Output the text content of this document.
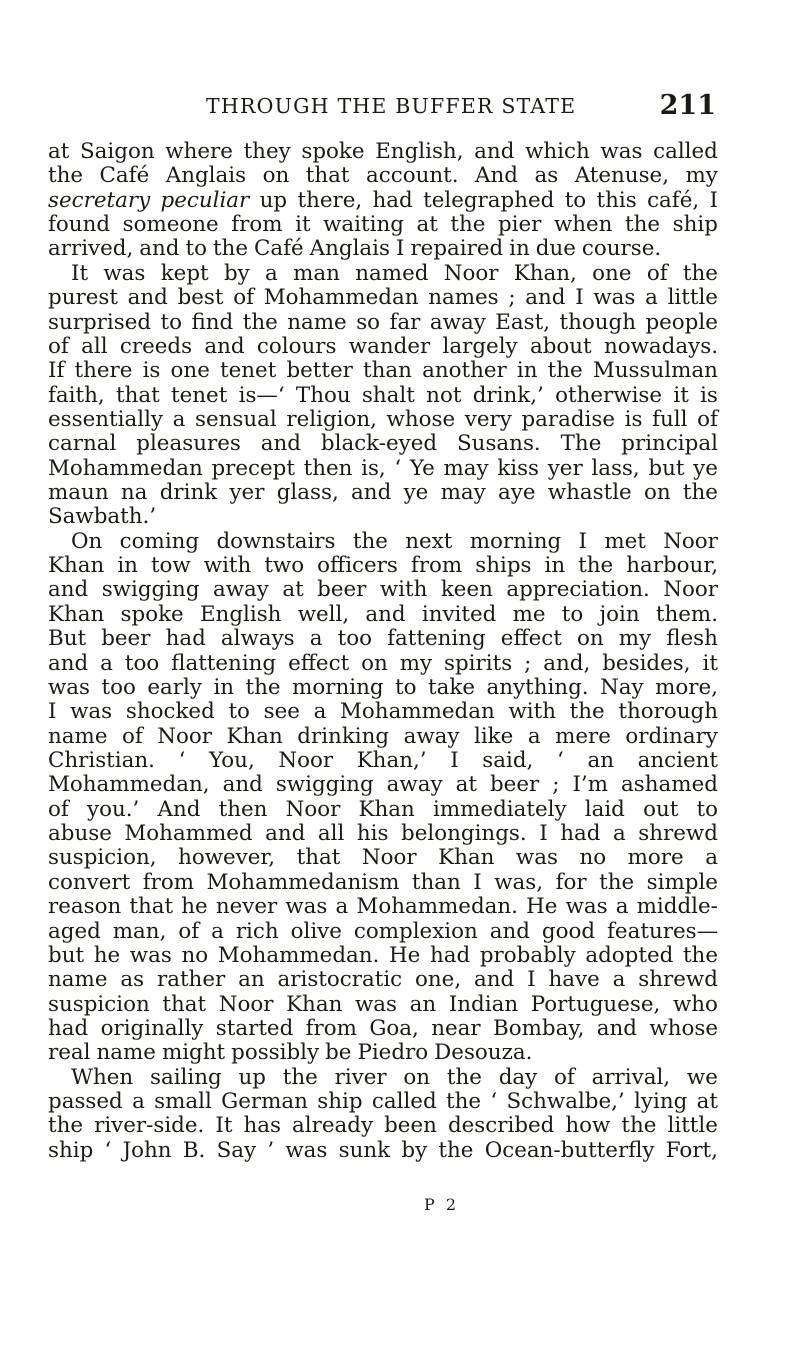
THROUGH THE BUFFER STATE	211
at Saigon where they spoke English, and which was called
the Café Anglais on that account. And as Atenuse, my
secretary peculiar up there, had telegraphed to this café, I
found someone from it waiting at the pier when the ship
arrived, and to the Café Anglais I repaired in due course.
It was kept by a man named Noor Khan, one of the
purest and best of Mohammedan names ; and I was a little
surprised to find the name so far away East, though people
of all creeds and colours wander largely about nowadays.
If there is one tenet better than another in the Mussulman
faith, that tenet is—‘ Thou shalt not drink,’ otherwise it is
essentially a sensual religion, whose very paradise is full of
carnal pleasures and black-eyed Susans. The principal
Mohammedan precept then is, ‘ Ye may kiss yer lass, but ye
maun na drink yer glass, and ye may aye whastle on the
Sawbath.’
On coming downstairs the next morning I met Noor
Khan in tow with two officers from ships in the harbour,
and swigging away at beer with keen appreciation. Noor
Khan spoke English well, and invited me to join them.
But beer had always a too fattening effect on my flesh
and a too flattening effect on my spirits ; and, besides, it
was too early in the morning to take anything. Nay more,
I was shocked to see a Mohammedan with the thorough
name of Noor Khan drinking away like a mere ordinary
Christian. ‘ You, Noor Khan,’ I said, ‘ an ancient
Mohammedan, and swigging away at beer ; I’m ashamed
of you.’ And then Noor Khan immediately laid out to
abuse Mohammed and all his belongings. I had a shrewd
suspicion, however, that Noor Khan was no more a
convert from Mohammedanism than I was, for the simple
reason that he never was a Mohammedan. He was a middle-
aged man, of a rich olive complexion and good features—
but he was no Mohammedan. He had probably adopted the
name as rather an aristocratic one, and I have a shrewd
suspicion that Noor Khan was an Indian Portuguese, who
had originally started from Goa, near Bombay, and whose
real name might possibly be Piedro Desouza.
When sailing up the river on the day of arrival, we
passed a small German ship called the ‘ Schwalbe,’ lying at
the river-side. It has already been described how the little
ship ‘ John B. Say ’ was sunk by the Ocean-butterfly Fort,
P 2
